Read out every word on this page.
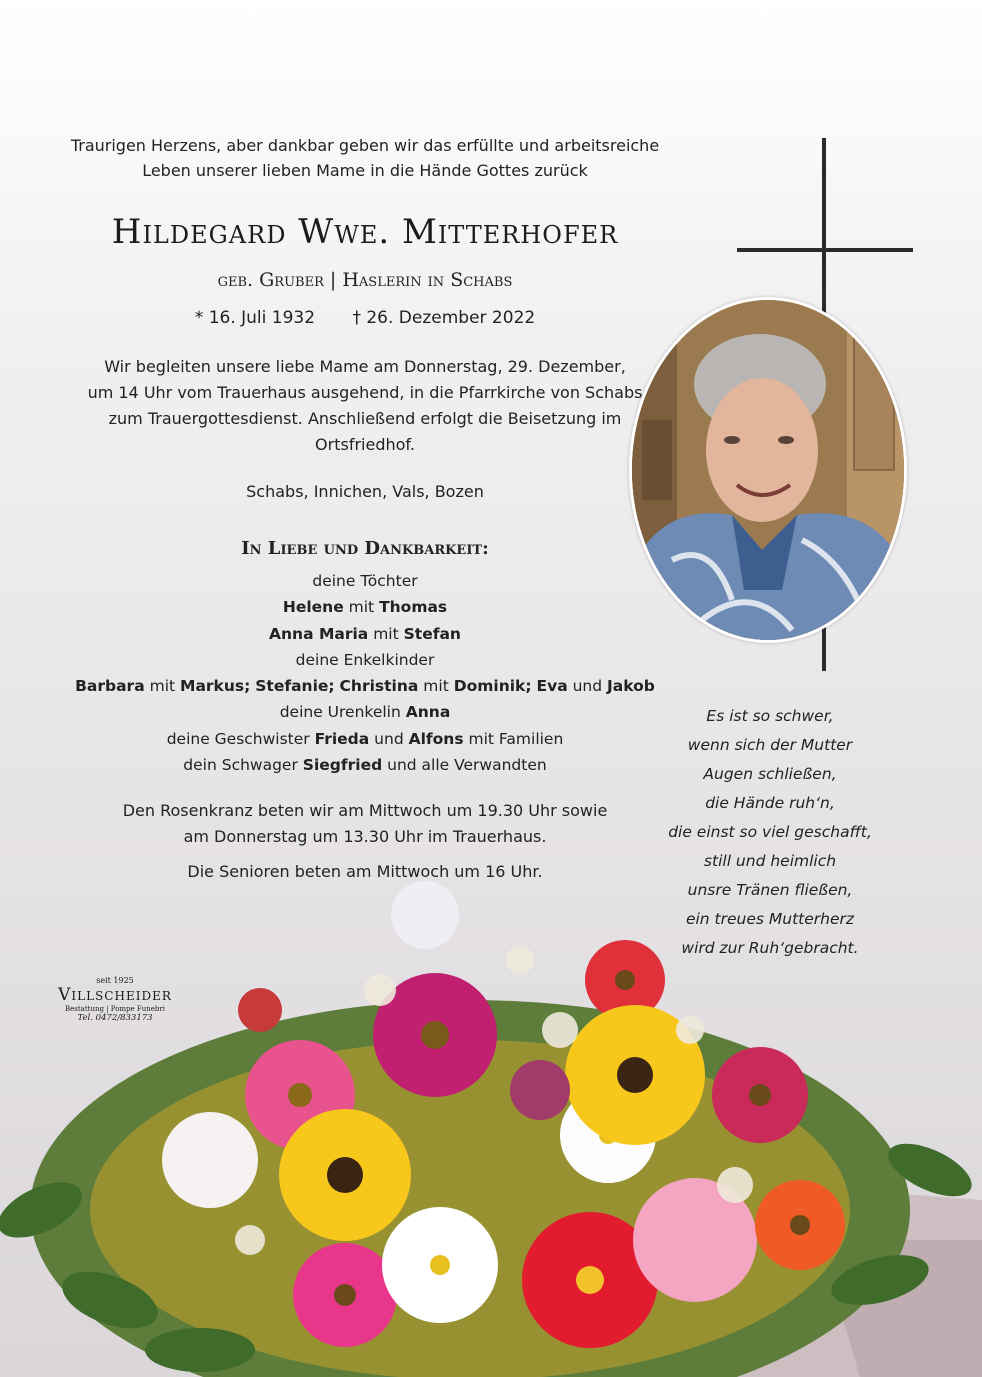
Traurigen Herzens, aber dankbar geben wir das erfüllte und arbeitsreiche
Leben unserer lieben Mame in die Hände Gottes zurück
Hildegard Wwe. Mitterhofer
geb. Gruber | Haslerin in Schabs
* 16. Juli 1932 † 26. Dezember 2022
Wir begleiten unsere liebe Mame am Donnerstag, 29. Dezember,
um 14 Uhr vom Trauerhaus ausgehend, in die Pfarrkirche von Schabs
zum Trauergottesdienst. Anschließend erfolgt die Beisetzung im
Ortsfriedhof.
Schabs, Innichen, Vals, Bozen
In Liebe und Dankbarkeit:
deine Töchter
Helene mit Thomas
Anna Maria mit Stefan
deine Enkelkinder
Barbara mit Markus; Stefanie; Christina mit Dominik; Eva und Jakob
deine Urenkelin Anna
deine Geschwister Frieda und Alfons mit Familien
dein Schwager Siegfried und alle Verwandten
Den Rosenkranz beten wir am Mittwoch um 19.30 Uhr sowie
am Donnerstag um 13.30 Uhr im Trauerhaus.
Die Senioren beten am Mittwoch um 16 Uhr.
Es ist so schwer,
wenn sich der Mutter
Augen schließen,
die Hände ruh‘n,
die einst so viel geschafft,
still und heimlich
unsre Tränen fließen,
ein treues Mutterherz
wird zur Ruh‘gebracht.
seit 1925
Villscheider
Bestattung | Pompe Funebri
Tel. 0472/833173
